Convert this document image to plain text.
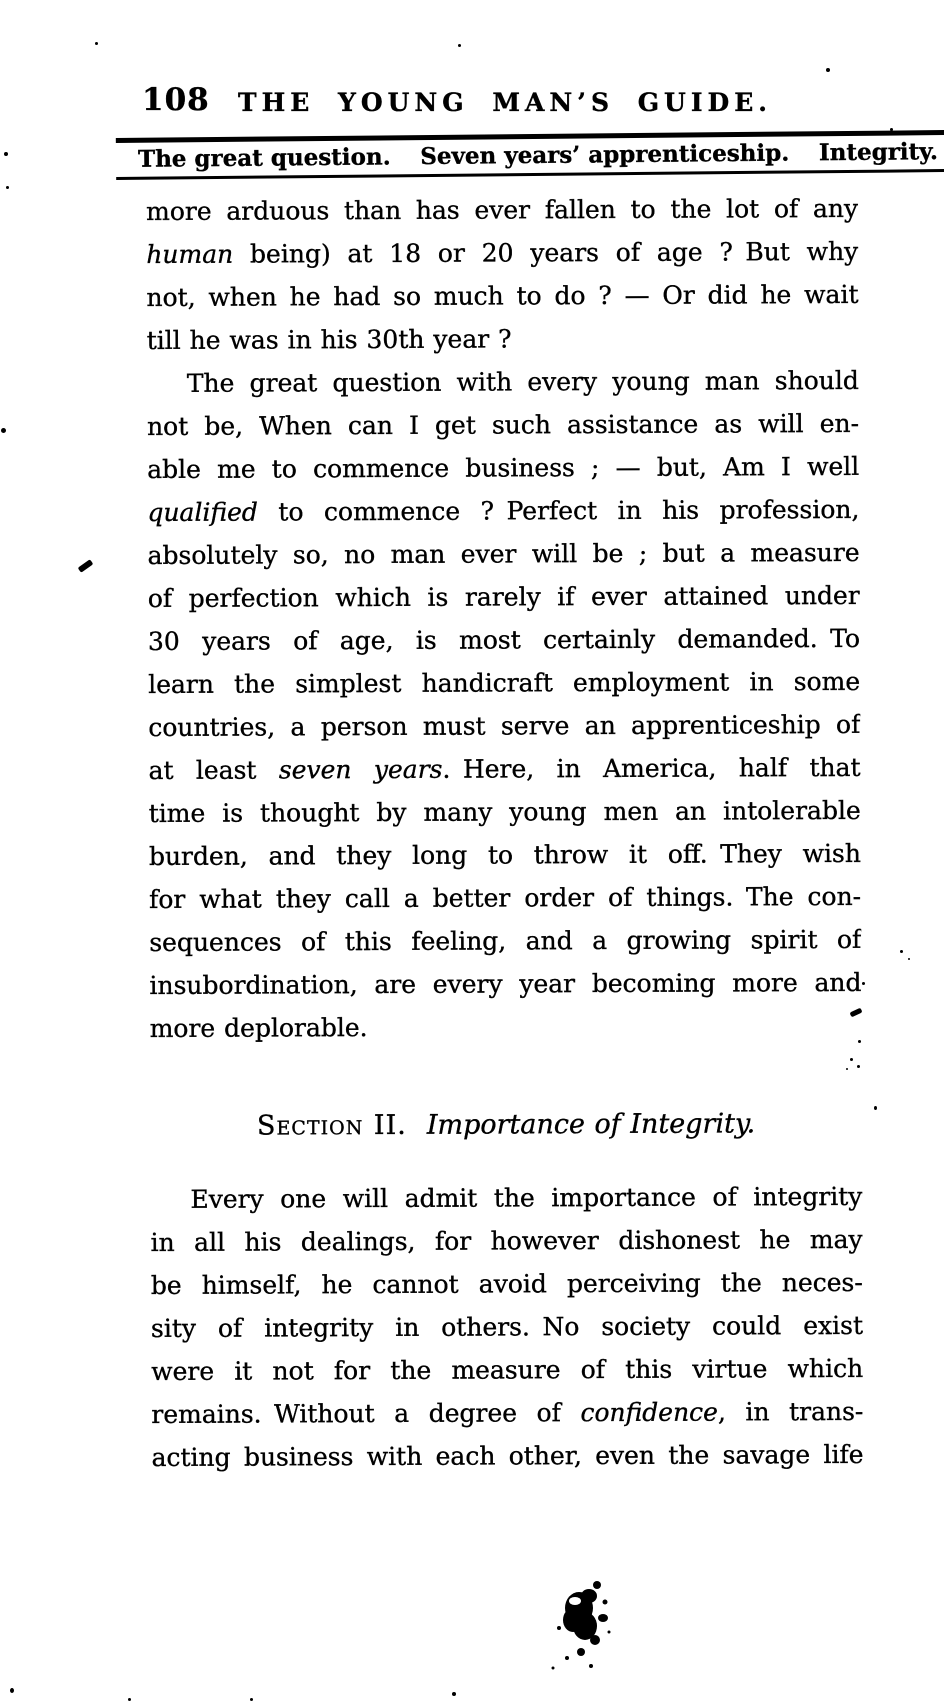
108	THE YOUNG MAN’S GUIDE.
The great question. Seven years’ apprenticeship. Integrity.
more arduous than has ever fallen to the lot of any
human being) at 18 or 20 years of age ? But why
not, when he had so much to do ? — Or did he wait
till he was in his 30th year ?
The great question with every young man should
not be, When can I get such assistance as will en-
able me to commence business ; — but, Am I well
qualified to commence ? Perfect in his profession,
absolutely so, no man ever will be ; but a measure
of perfection which is rarely if ever attained under
30 years of age, is most certainly demanded. To
learn the simplest handicraft employment in some
countries, a person must serve an apprenticeship of
at least seven years. Here, in America, half that
time is thought by many young men an intolerable
burden, and they long to throw it off. They wish
for what they call a better order of things. The con-
sequences of this feeling, and a growing spirit of
insubordination, are every year becoming more and
more deplorable.
Section II. Importance of Integrity.
Every one will admit the importance of integrity
in all his dealings, for however dishonest he may
be himself, he cannot avoid perceiving the neces-
sity of integrity in others. No society could exist
were it not for the measure of this virtue which
remains. Without a degree of confidence, in trans-
acting business with each other, even the savage life
